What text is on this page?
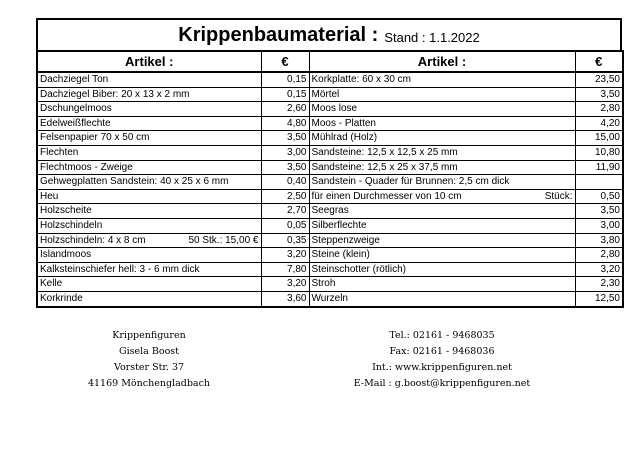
Krippenbaumaterial : Stand : 1.1.2022
Artikel :	€	Artikel :	€
Dachziegel Ton	0,15	Korkplatte: 60 x 30 cm	23,50
Dachziegel Biber: 20 x 13 x 2 mm	0,15	Mörtel	3,50
Dschungelmoos	2,60	Moos lose	2,80
Edelweißflechte	4,80	Moos - Platten	4,20
Felsenpapier 70 x 50 cm	3,50	Mühlrad (Holz)	15,00
Flechten	3,00	Sandsteine: 12,5 x 12,5 x 25 mm	10,80
Flechtmoos - Zweige	3,50	Sandsteine: 12,5 x 25 x 37,5 mm	11,90
Gehwegplatten Sandstein: 40 x 25 x 6 mm	0,40	Sandstein - Quader für Brunnen: 2,5 cm dick	
Heu	2,50	für einen Durchmesser von 10 cm Stück:	0,50
Holzscheite	2,70	Seegras	3,50
Holzschindeln	0,05	Silberflechte	3,00

Holzschindeln: 4 x 8 cm 50 Stk.: 15,00 €	0,35	Steppenzweige	3,80
Islandmoos	3,20	Steine (klein)	2,80
Kalksteinschiefer hell: 3 - 6 mm dick	7,80	Steinschotter (rötlich)	3,20
Kelle	3,20	Stroh	2,30
Korkrinde	3,60	Wurzeln	12,50
Krippenfiguren
Gisela Boost
Vorster Str. 37
41169 Mönchengladbach
Tel.: 02161 - 9468035
Fax: 02161 - 9468036
Int.: www.krippenfiguren.net
E-Mail : g.boost@krippenfiguren.net
